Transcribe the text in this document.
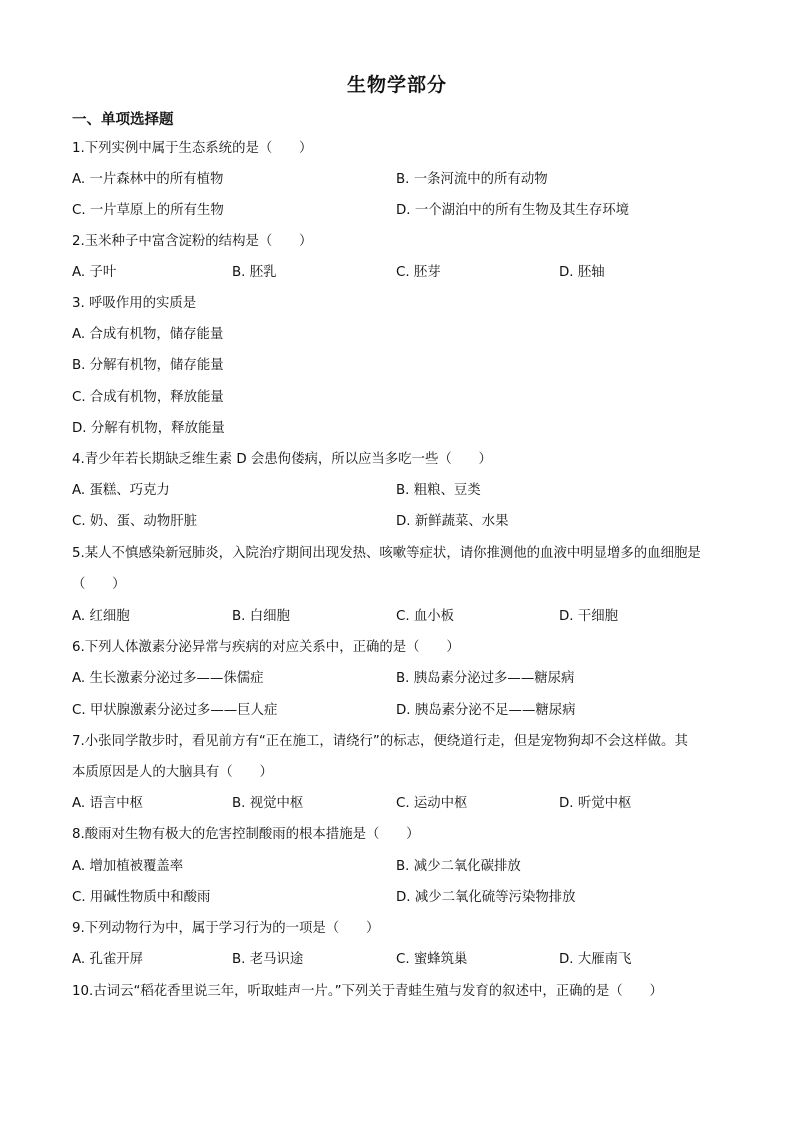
生物学部分
一、单项选择题
1.下列实例中属于生态系统的是（　　）
A. 一片森林中的所有植物	B. 一条河流中的所有动物
C. 一片草原上的所有生物	D. 一个湖泊中的所有生物及其生存环境
2.玉米种子中富含淀粉的结构是（　　）
A. 子叶	B. 胚乳	C. 胚芽	D. 胚轴
3. 呼吸作用的实质是
A. 合成有机物，储存能量
B. 分解有机物，储存能量
C. 合成有机物，释放能量
D. 分解有机物，释放能量
4.青少年若长期缺乏维生素 D 会患佝偻病，所以应当多吃一些（　　）
A. 蛋糕、巧克力	B. 粗粮、豆类
C. 奶、蛋、动物肝脏	D. 新鲜蔬菜、水果
5.某人不慎感染新冠肺炎，入院治疗期间出现发热、咳嗽等症状，请你推测他的血液中明显增多的血细胞是
（　　）
A. 红细胞	B. 白细胞	C. 血小板	D. 干细胞
6.下列人体激素分泌异常与疾病的对应关系中，正确的是（　　）
A. 生长激素分泌过多——侏儒症	B. 胰岛素分泌过多——糖尿病
C. 甲状腺激素分泌过多——巨人症	D. 胰岛素分泌不足——糖尿病
7.小张同学散步时，看见前方有“正在施工，请绕行”的标志，便绕道行走，但是宠物狗却不会这样做。其
本质原因是人的大脑具有（　　）
A. 语言中枢	B. 视觉中枢	C. 运动中枢	D. 听觉中枢
8.酸雨对生物有极大的危害控制酸雨的根本措施是（　　）
A. 增加植被覆盖率	B. 减少二氧化碳排放
C. 用碱性物质中和酸雨	D. 减少二氧化硫等污染物排放
9.下列动物行为中，属于学习行为的一项是（　　）
A. 孔雀开屏	B. 老马识途	C. 蜜蜂筑巢	D. 大雁南飞
10.古词云“稻花香里说三年，听取蛙声一片。”下列关于青蛙生殖与发育的叙述中，正确的是（　　）
